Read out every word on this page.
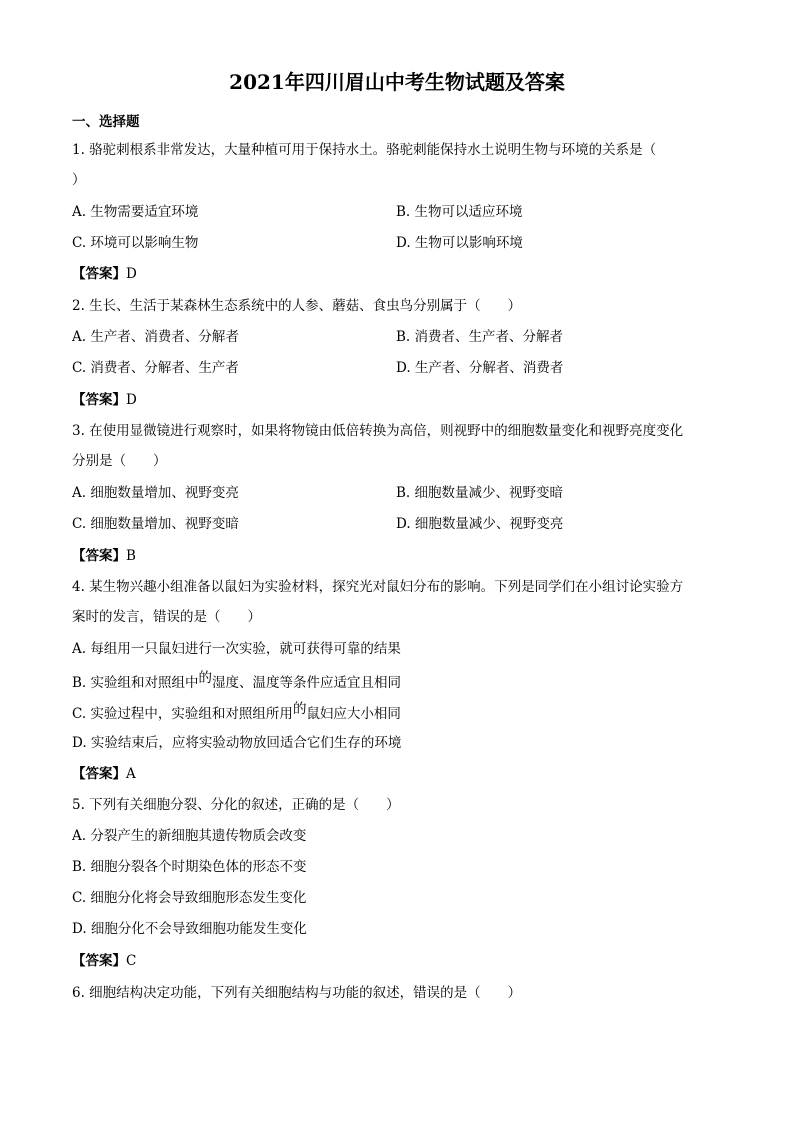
2021年四川眉山中考生物试题及答案
一、选择题
1. 骆驼刺根系非常发达，大量种植可用于保持水土。骆驼刺能保持水土说明生物与环境的关系是（
）
A. 生物需要适宜环境	B. 生物可以适应环境
C. 环境可以影响生物	D. 生物可以影响环境
【答案】D
2. 生长、生活于某森林生态系统中的人参、蘑菇、食虫鸟分别属于（　　）
A. 生产者、消费者、分解者	B. 消费者、生产者、分解者
C. 消费者、分解者、生产者	D. 生产者、分解者、消费者
【答案】D
3. 在使用显微镜进行观察时，如果将物镜由低倍转换为高倍，则视野中的细胞数量变化和视野亮度变化
分别是（　　）
A. 细胞数量增加、视野变亮	B. 细胞数量减少、视野变暗
C. 细胞数量增加、视野变暗	D. 细胞数量减少、视野变亮
【答案】B
4. 某生物兴趣小组准备以鼠妇为实验材料，探究光对鼠妇分布的影响。下列是同学们在小组讨论实验方
案时的发言，错误的是（　　）
A. 每组用一只鼠妇进行一次实验，就可获得可靠的结果
B. 实验组和对照组中的湿度、温度等条件应适宜且相同
C. 实验过程中，实验组和对照组所用的鼠妇应大小相同
D. 实验结束后，应将实验动物放回适合它们生存的环境
【答案】A
5. 下列有关细胞分裂、分化的叙述，正确的是（　　）
A. 分裂产生的新细胞其遗传物质会改变
B. 细胞分裂各个时期染色体的形态不变
C. 细胞分化将会导致细胞形态发生变化
D. 细胞分化不会导致细胞功能发生变化
【答案】C
6. 细胞结构决定功能，下列有关细胞结构与功能的叙述，错误的是（　　）
